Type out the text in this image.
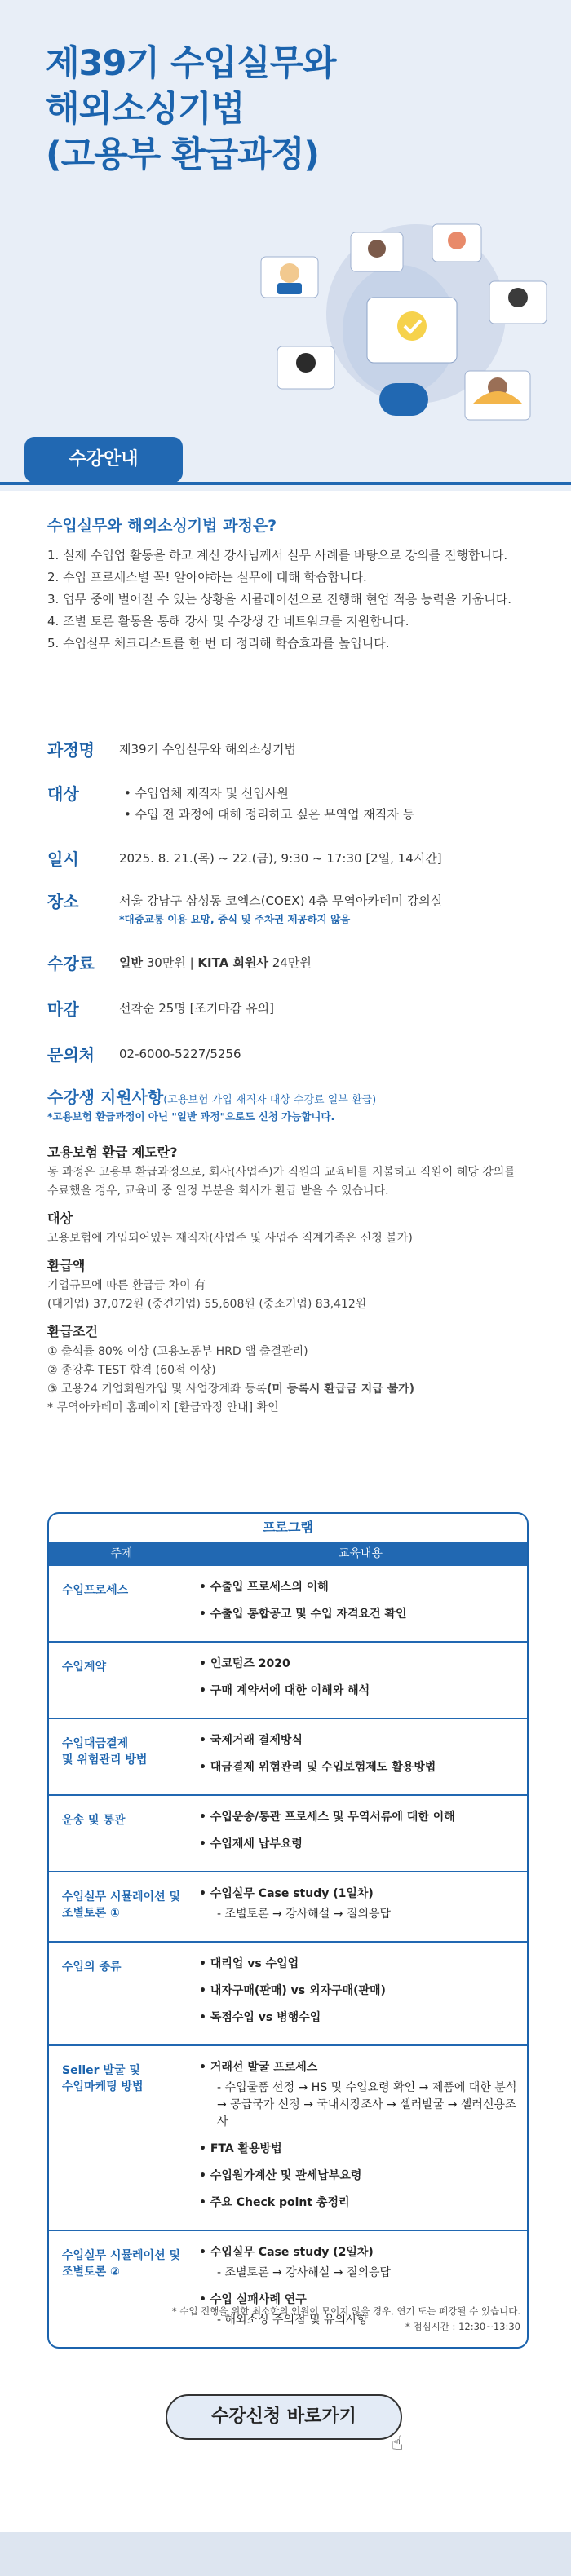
제39기 수입실무와
해외소싱기법
(고용부 환급과정)
수강안내
수입실무와 해외소싱기법 과정은?
1. 실제 수입업 활동을 하고 계신 강사님께서 실무 사례를 바탕으로 강의를 진행합니다.
2. 수입 프로세스별 꼭! 알아야하는 실무에 대해 학습합니다.
3. 업무 중에 벌어질 수 있는 상황을 시뮬레이션으로 진행해 현업 적응 능력을 키웁니다.
4. 조별 토론 활동을 통해 강사 및 수강생 간 네트워크를 지원합니다.
5. 수입실무 체크리스트를 한 번 더 정리해 학습효과를 높입니다.
과정명 제39기 수입실무와 해외소싱기법
대상	• 수입업체 재직자 및 신입사원
• 수입 전 과정에 대해 정리하고 싶은 무역업 재직자 등
일시	2025. 8. 21.(목) ~ 22.(금), 9:30 ~ 17:30 [2일, 14시간]
장소	서울 강남구 삼성동 코엑스(COEX) 4층 무역아카데미 강의실
*대중교통 이용 요망, 중식 및 주차권 제공하지 않음
수강료 일반 30만원 | KITA 회원사 24만원
마감	선착순 25명 [조기마감 유의]
문의처 02-6000-5227/5256
수강생 지원사항(고용보험 가입 재직자 대상 수강료 일부 환급)
*고용보험 환급과정이 아닌 "일반 과정"으로도 신청 가능합니다.
고용보험 환급 제도란?

동 과정은 고용부 환급과정으로, 회사(사업주)가 직원의 교육비를 지불하고 직원이 해당 강의를 수료했을 경우, 교육비 중 일정 부분을 회사가 환급 받을 수 있습니다.

대상

고용보험에 가입되어있는 재직자(사업주 및 사업주 직계가족은 신청 불가)

환급액

기업규모에 따른 환급금 차이 有

(대기업) 37,072원 (중견기업) 55,608원 (중소기업) 83,412원

환급조건

① 출석률 80% 이상 (고용노동부 HRD 앱 출결관리)

② 종강후 TEST 합격 (60점 이상)

③ 고용24 기업회원가입 및 사업장계좌 등록(미 등록시 환급금 지급 불가)

* 무역아카데미 홈페이지 [환급과정 안내] 확인

프로그램
주제	교육내용
수입프로세스	• 수출입 프로세스의 이해
• 수출입 통합공고 및 수입 자격요건 확인
수입계약	• 인코텀즈 2020
• 구매 계약서에 대한 이해와 해석
수입대금결제
및 위험관리 방법
• 국제거래 결제방식
• 대금결제 위험관리 및 수입보험제도 활용방법
운송 및 통관	• 수입운송/통관 프로세스 및 무역서류에 대한 이해
• 수입제세 납부요령
수입실무 시뮬레이션 및
조별토론 ①
• 수입실무 Case study (1일차)
- 조별토론 → 강사해설 → 질의응답
수입의 종류	• 대리업 vs 수입업
• 내자구매(판매) vs 외자구매(판매)
• 독점수입 vs 병행수입
Seller 발굴 및
수입마케팅 방법
• 거래선 발굴 프로세스
- 수입물품 선정 → HS 및 수입요령 확인 → 제품에 대한 분석 → 공급국가 선정 → 국내시장조사 → 셀러발굴 → 셀러신용조사
• FTA 활용방법
• 수입원가계산 및 관세납부요령
• 주요 Check point 총정리
수입실무 시뮬레이션 및
조별토론 ②
• 수입실무 Case study (2일차)
- 조별토론 → 강사해설 → 질의응답
• 수입 실패사례 연구
- 해외소싱 주의점 및 유의사항
* 수업 진행을 위한 최소한의 인원이 모이지 않을 경우, 연기 또는 폐강될 수 있습니다.
* 점심시간 : 12:30~13:30
수강신청 바로가기
☝
